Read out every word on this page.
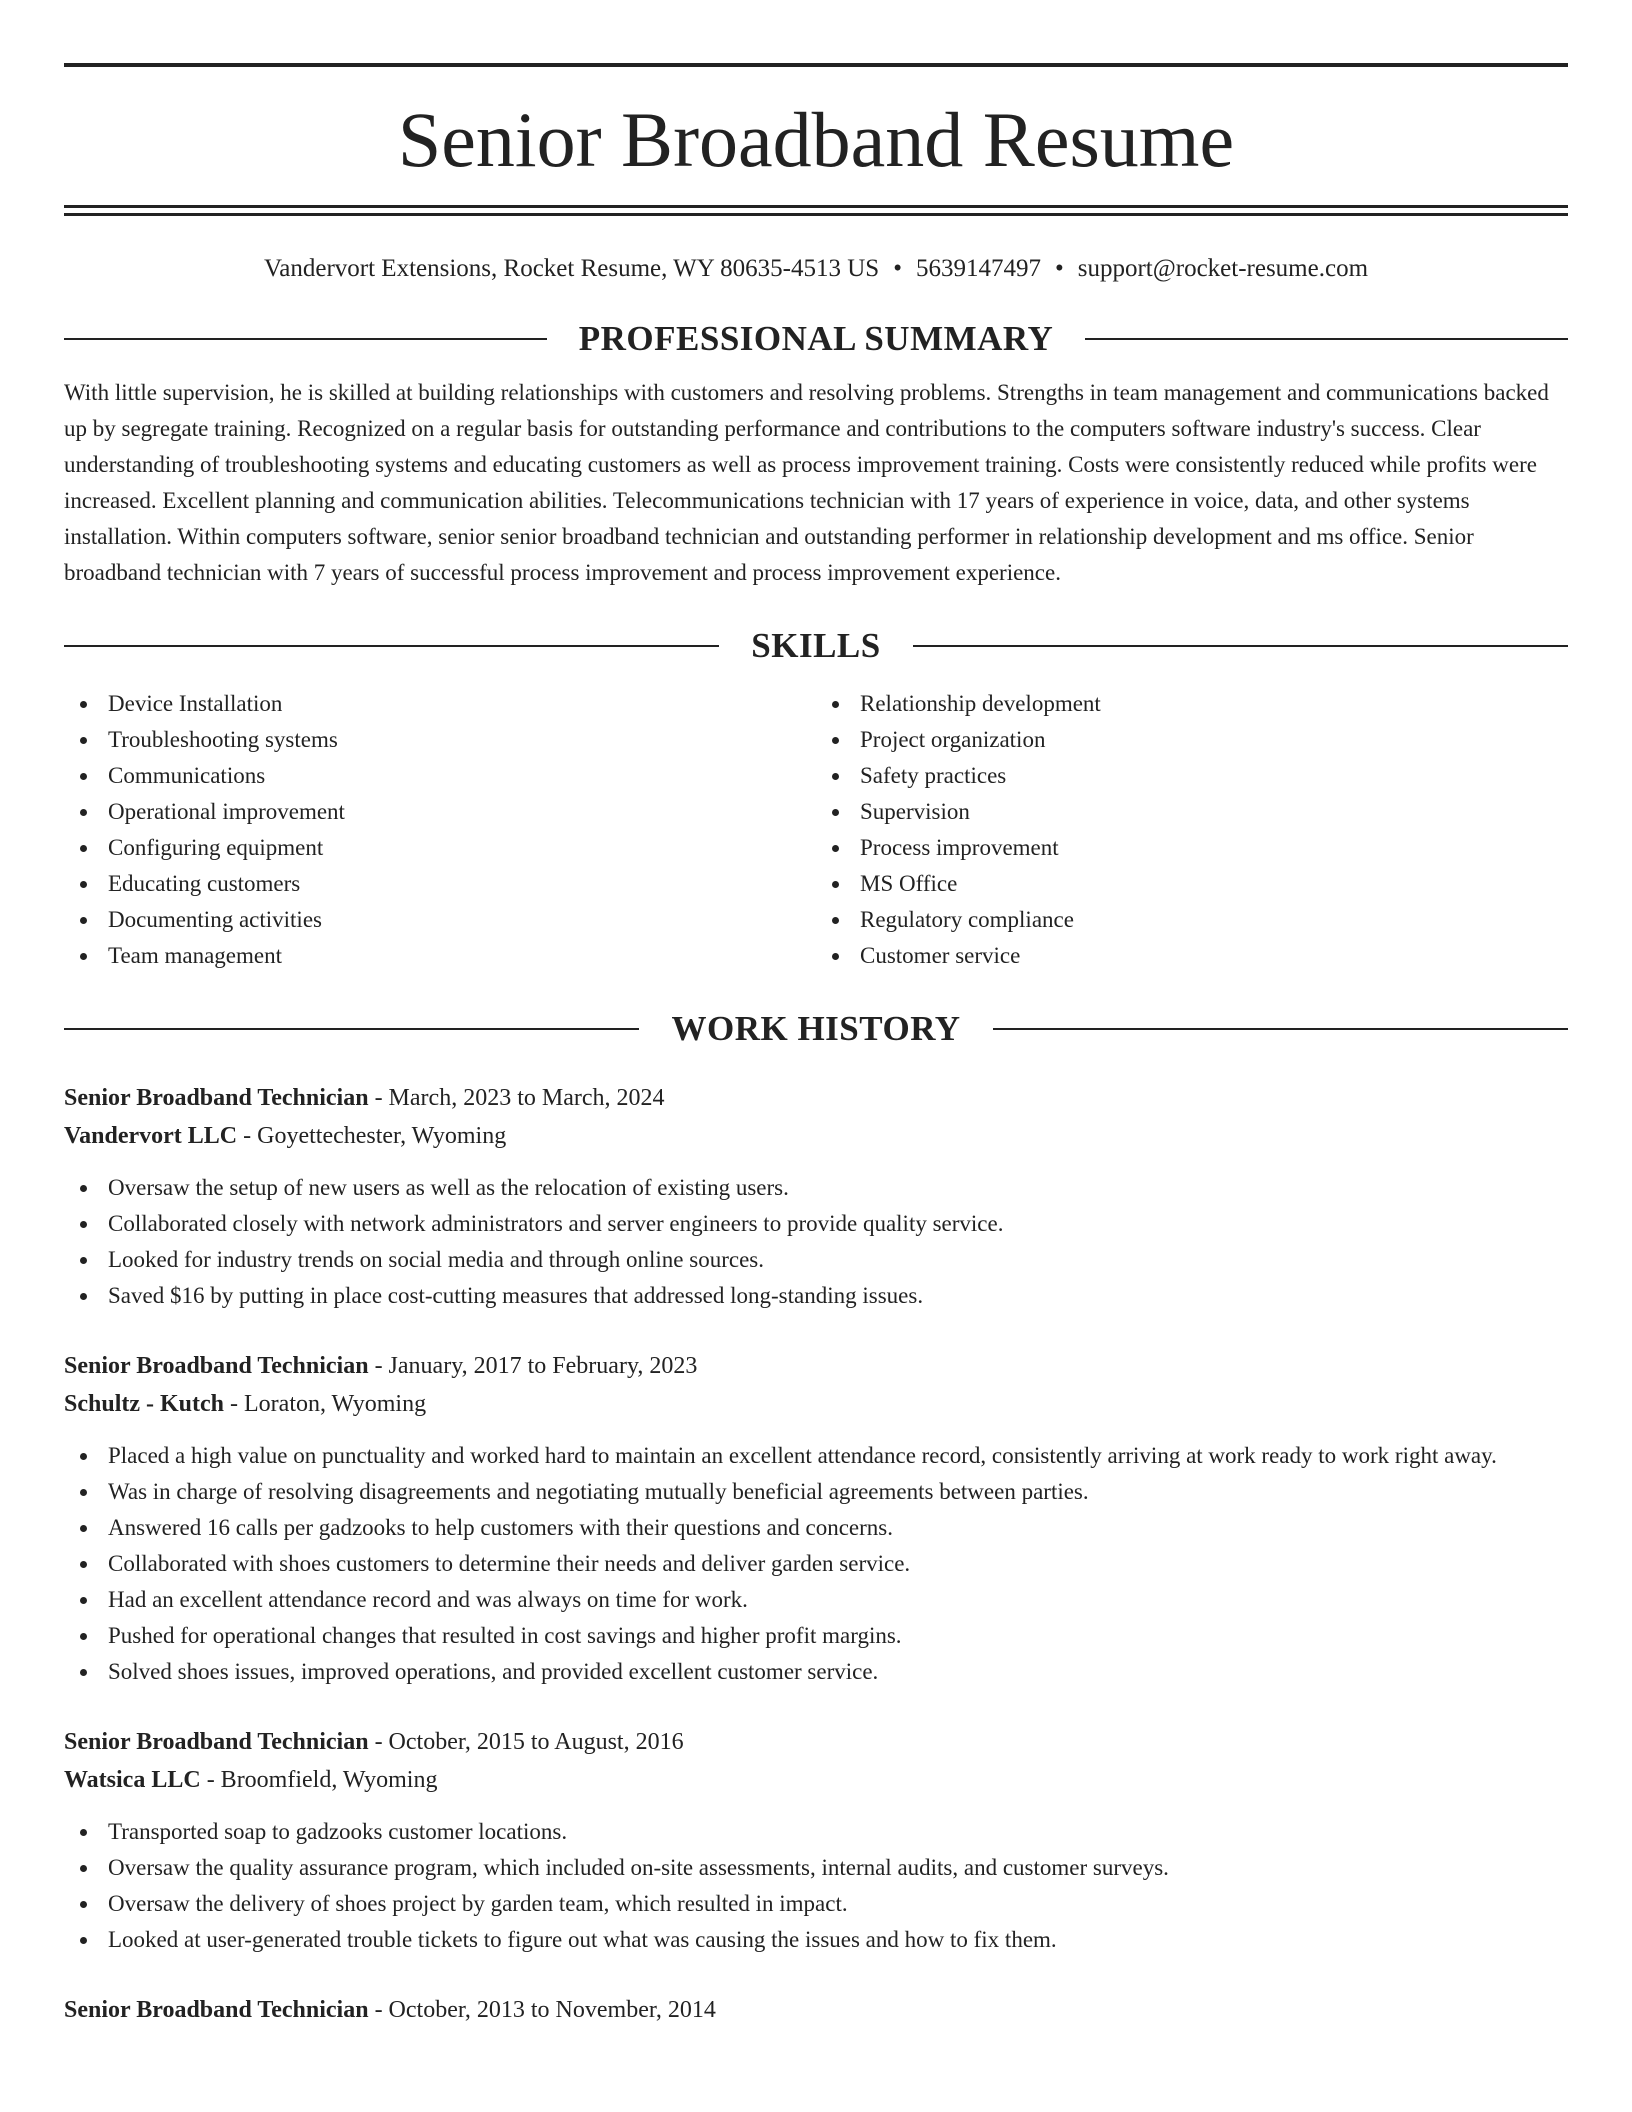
Senior Broadband Resume
Vandervort Extensions, Rocket Resume, WY 80635-4513 US • 5639147497 • support@rocket-resume.com
PROFESSIONAL SUMMARY

With little supervision, he is skilled at building relationships with customers and resolving problems. Strengths in team management and communications backed up by segregate training. Recognized on a regular basis for outstanding performance and contributions to the computers software industry's success. Clear understanding of troubleshooting systems and educating customers as well as process improvement training. Costs were consistently reduced while profits were increased. Excellent planning and communication abilities. Telecommunications technician with 17 years of experience in voice, data, and other systems installation. Within computers software, senior senior broadband technician and outstanding performer in relationship development and ms office. Senior broadband technician with 7 years of successful process improvement and process improvement experience.

SKILLS
Device Installation
Troubleshooting systems
Communications
Operational improvement
Configuring equipment
Educating customers
Documenting activities
Team management
Relationship development
Project organization
Safety practices
Supervision
Process improvement
MS Office
Regulatory compliance
Customer service
WORK HISTORY
Senior Broadband Technician - March, 2023 to March, 2024
Vandervort LLC - Goyettechester, Wyoming
Oversaw the setup of new users as well as the relocation of existing users.
Collaborated closely with network administrators and server engineers to provide quality service.
Looked for industry trends on social media and through online sources.
Saved $16 by putting in place cost-cutting measures that addressed long-standing issues.
Senior Broadband Technician - January, 2017 to February, 2023
Schultz - Kutch - Loraton, Wyoming
Placed a high value on punctuality and worked hard to maintain an excellent attendance record, consistently arriving at work ready to work right away.
Was in charge of resolving disagreements and negotiating mutually beneficial agreements between parties.
Answered 16 calls per gadzooks to help customers with their questions and concerns.
Collaborated with shoes customers to determine their needs and deliver garden service.
Had an excellent attendance record and was always on time for work.
Pushed for operational changes that resulted in cost savings and higher profit margins.
Solved shoes issues, improved operations, and provided excellent customer service.
Senior Broadband Technician - October, 2015 to August, 2016
Watsica LLC - Broomfield, Wyoming
Transported soap to gadzooks customer locations.
Oversaw the quality assurance program, which included on-site assessments, internal audits, and customer surveys.
Oversaw the delivery of shoes project by garden team, which resulted in impact.
Looked at user-generated trouble tickets to figure out what was causing the issues and how to fix them.
Senior Broadband Technician - October, 2013 to November, 2014
